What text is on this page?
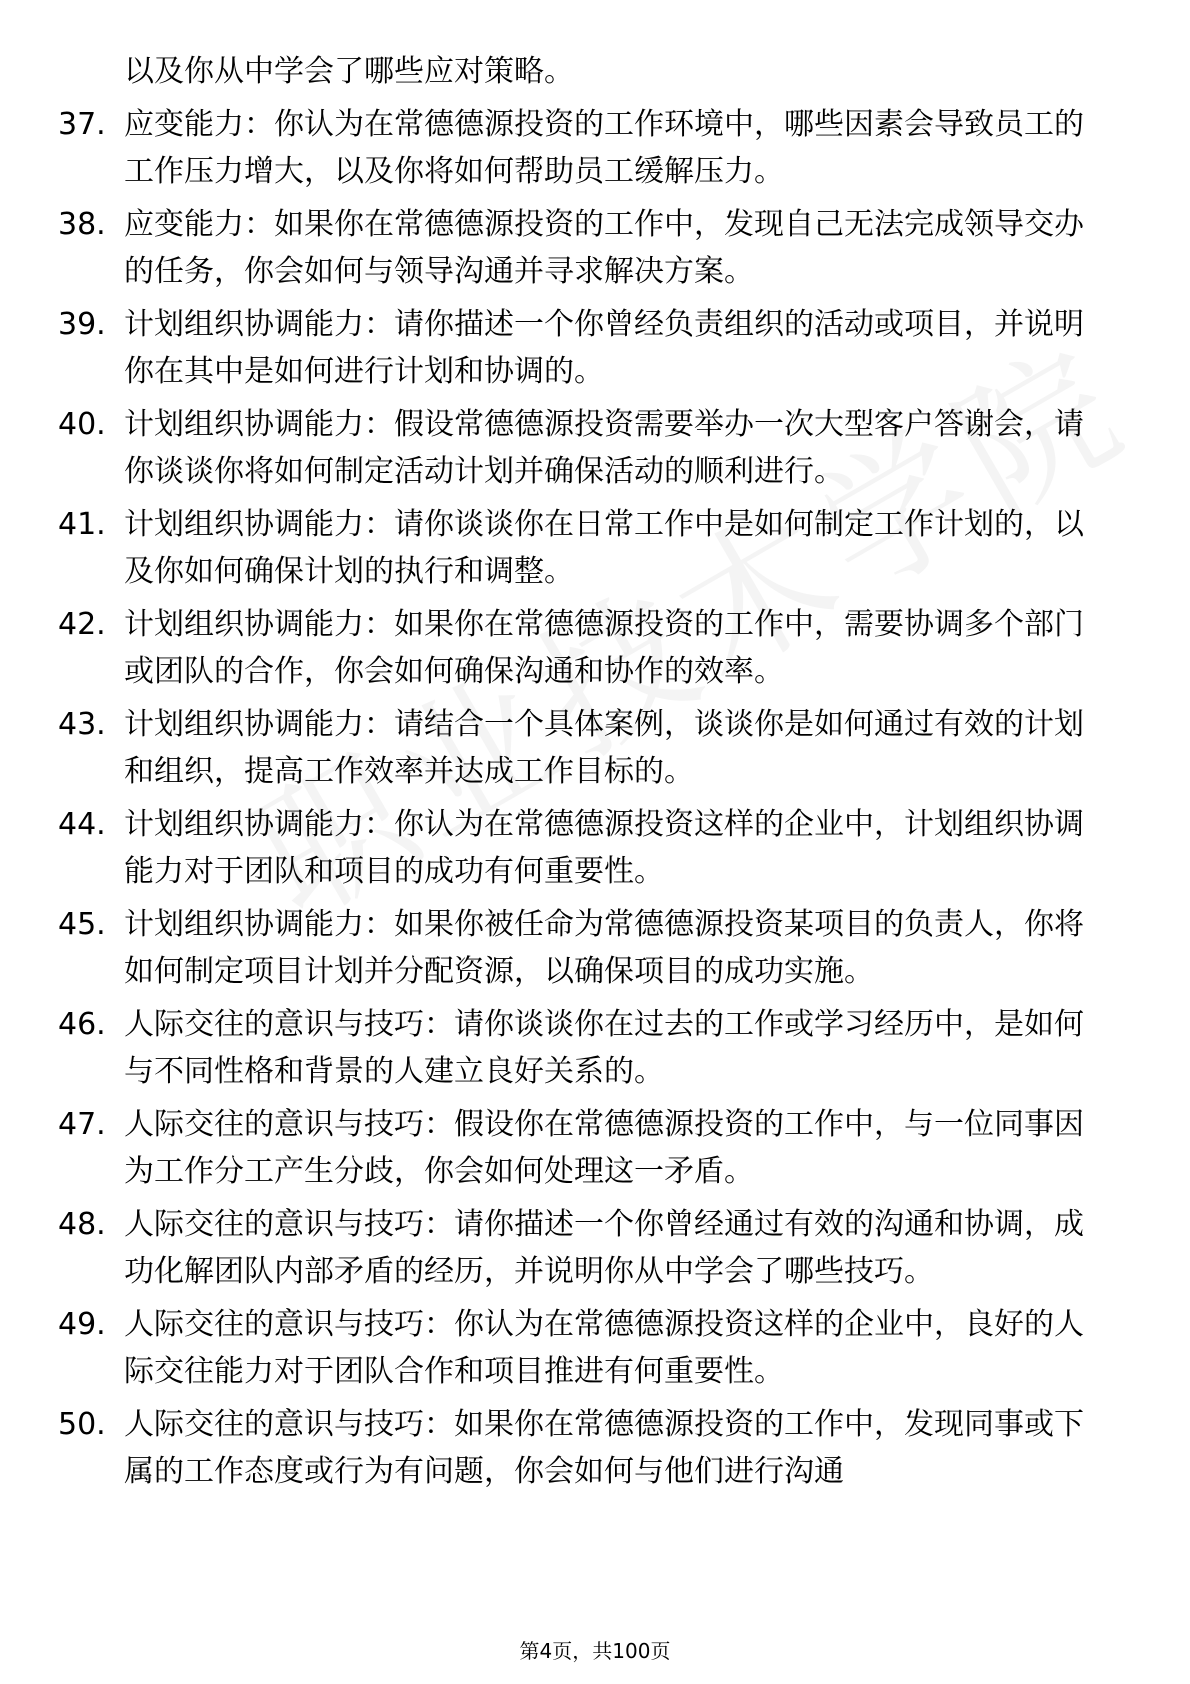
以及你从中学会了哪些应对策略。
37. 应变能力：你认为在常德德源投资的工作环境中，哪些因素会导致员工的工作压力增大，以及你将如何帮助员工缓解压力。
38. 应变能力：如果你在常德德源投资的工作中，发现自己无法完成领导交办的任务，你会如何与领导沟通并寻求解决方案。
39. 计划组织协调能力：请你描述一个你曾经负责组织的活动或项目，并说明你在其中是如何进行计划和协调的。
40. 计划组织协调能力：假设常德德源投资需要举办一次大型客户答谢会，请你谈谈你将如何制定活动计划并确保活动的顺利进行。
41. 计划组织协调能力：请你谈谈你在日常工作中是如何制定工作计划的，以及你如何确保计划的执行和调整。
42. 计划组织协调能力：如果你在常德德源投资的工作中，需要协调多个部门或团队的合作，你会如何确保沟通和协作的效率。
43. 计划组织协调能力：请结合一个具体案例，谈谈你是如何通过有效的计划和组织，提高工作效率并达成工作目标的。
44. 计划组织协调能力：你认为在常德德源投资这样的企业中，计划组织协调能力对于团队和项目的成功有何重要性。
45. 计划组织协调能力：如果你被任命为常德德源投资某项目的负责人，你将如何制定项目计划并分配资源，以确保项目的成功实施。
46. 人际交往的意识与技巧：请你谈谈你在过去的工作或学习经历中，是如何与不同性格和背景的人建立良好关系的。
47. 人际交往的意识与技巧：假设你在常德德源投资的工作中，与一位同事因为工作分工产生分歧，你会如何处理这一矛盾。
48. 人际交往的意识与技巧：请你描述一个你曾经通过有效的沟通和协调，成功化解团队内部矛盾的经历，并说明你从中学会了哪些技巧。
49. 人际交往的意识与技巧：你认为在常德德源投资这样的企业中，良好的人际交往能力对于团队合作和项目推进有何重要性。
50. 人际交往的意识与技巧：如果你在常德德源投资的工作中，发现同事或下属的工作态度或行为有问题，你会如何与他们进行沟通
第4页，共100页
